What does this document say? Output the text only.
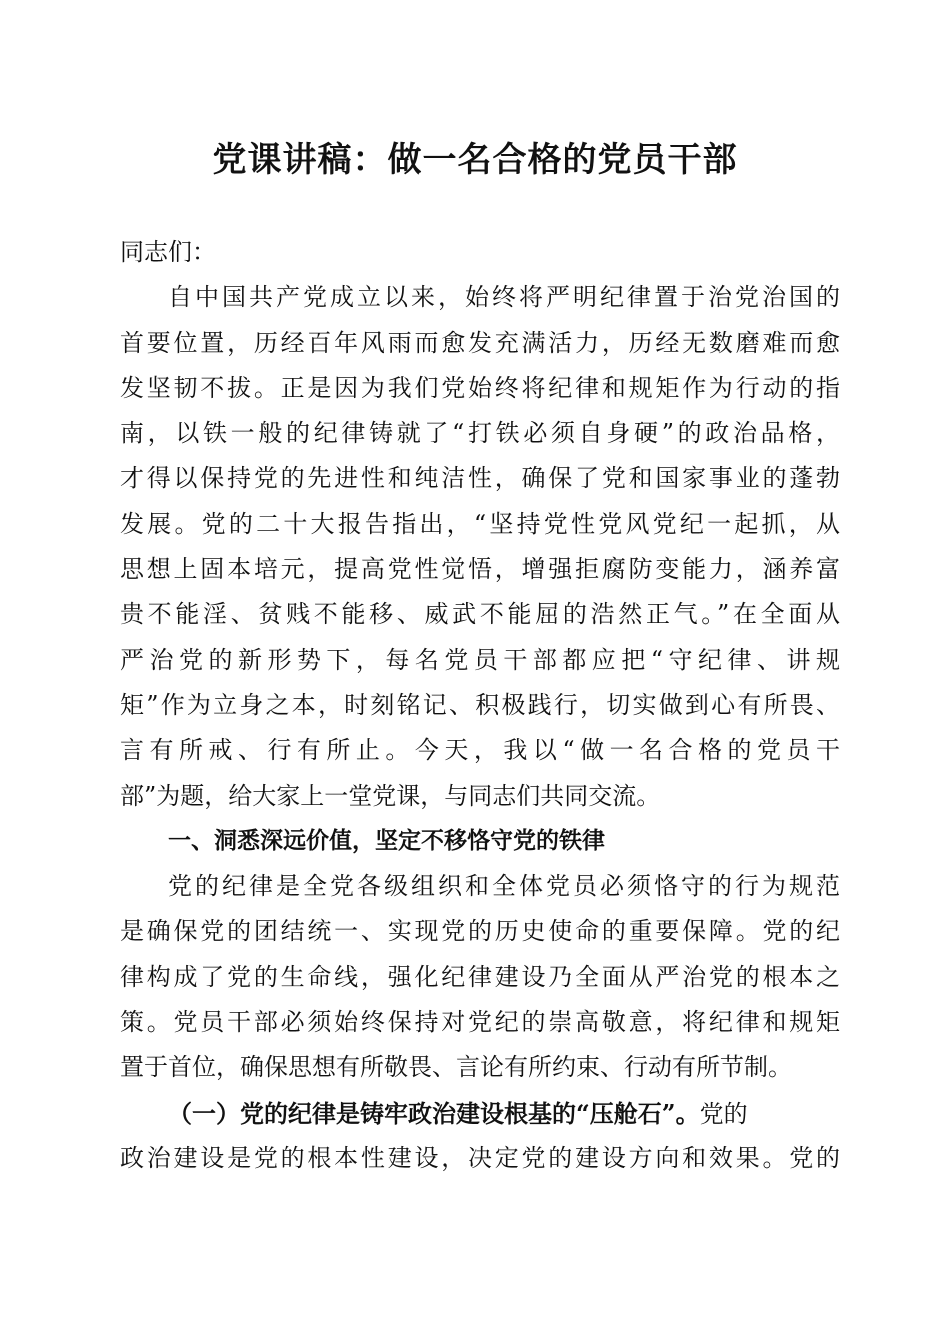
党课讲稿：做一名合格的党员干部
同志们：
自中国共产党成立以来，始终将严明纪律置于治党治国的
首要位置，历经百年风雨而愈发充满活力，历经无数磨难而愈
发坚韧不拔。正是因为我们党始终将纪律和规矩作为行动的指
南，以铁一般的纪律铸就了“打铁必须自身硬”的政治品格，
才得以保持党的先进性和纯洁性，确保了党和国家事业的蓬勃
发展。党的二十大报告指出，“坚持党性党风党纪一起抓，从
思想上固本培元，提高党性觉悟，增强拒腐防变能力，涵养富
贵不能淫、贫贱不能移、威武不能屈的浩然正气。”在全面从
严治党的新形势下，每名党员干部都应把“守纪律、讲规
矩”作为立身之本，时刻铭记、积极践行，切实做到心有所畏、
言有所戒、行有所止。今天，我以“做一名合格的党员干
部”为题，给大家上一堂党课，与同志们共同交流。
一、洞悉深远价值，坚定不移恪守党的铁律
党的纪律是全党各级组织和全体党员必须恪守的行为规范
是确保党的团结统一、实现党的历史使命的重要保障。党的纪
律构成了党的生命线，强化纪律建设乃全面从严治党的根本之
策。党员干部必须始终保持对党纪的崇高敬意，将纪律和规矩
置于首位，确保思想有所敬畏、言论有所约束、行动有所节制。
（一）党的纪律是铸牢政治建设根基的“压舱石”。党的
政治建设是党的根本性建设，决定党的建设方向和效果。党的
